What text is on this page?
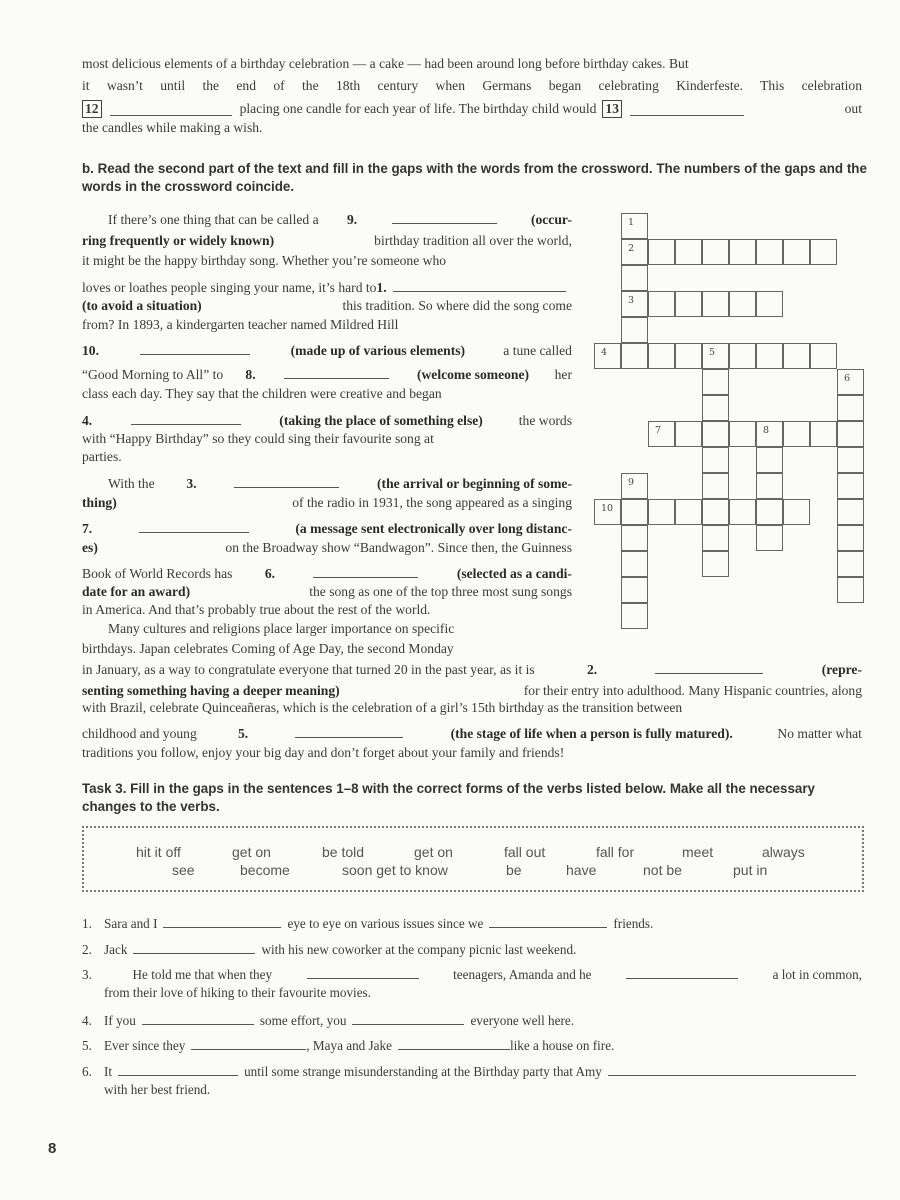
most delicious elements of a birthday celebration — a cake — had been around long before birthday cakes. But
it wasn’t until the end of the 18th century when Germans began celebrating Kinderfeste. This celebration
12	placing one candle for each year of life. The birthday child would 13	out
the candles while making a wish.
b. Read the second part of the text and fill in the gaps with the words from the crossword. The numbers of the gaps and the words in the crossword coincide.
If there’s one thing that can be called a 9.	(occur-
ring frequently or widely known)	birthday tradition all over the world,
it might be the happy birthday song. Whether you’re someone who
loves or loathes people singing your name, it’s hard to 1.
(to avoid a situation)	this tradition. So where did the song come
from? In 1893, a kindergarten teacher named Mildred Hill
10.	(made up of various elements)	a tune called
“Good Morning to All” to 8.	(welcome someone) her
class each day. They say that the children were creative and began
4.	(taking the place of something else) the words
with “Happy Birthday” so they could sing their favourite song at
parties.
With the 3.	(the arrival or beginning of some-
thing)	of the radio in 1931, the song appeared as a singing
7.	(a message sent electronically over long distanc-
es)	on the Broadway show “Bandwagon”. Since then, the Guinness
Book of World Records has 6.	(selected as a candi-
date for an award)	the song as one of the top three most sung songs
in America. And that’s probably true about the rest of the world.
Many cultures and religions place larger importance on specific
birthdays. Japan celebrates Coming of Age Day, the second Monday
in January, as a way to congratulate everyone that turned 20 in the past year, as it is	2.	(repre-
senting something having a deeper meaning)	for their entry into adulthood. Many Hispanic countries, along
with Brazil, celebrate Quinceañeras, which is the celebration of a girl’s 15th birthday as the transition between
childhood and young	5.	(the stage of life when a person is fully matured).	No matter what
traditions you follow, enjoy your big day and don’t forget about your family and friends!
1
2
3
4	5
6
7	8
9
10
Task 3. Fill in the gaps in the sentences 1–8 with the correct forms of the verbs listed below. Make all the necessary changes to the verbs.
hit it off	get on	be told	get on	fall out	fall for	meet	always
see	become	soon get to know	be	have	not be	put in
1. Sara and I	eye to eye on various issues since we	friends.
2. Jack	with his new coworker at the company picnic last weekend.
3.	He told me that when they	teenagers, Amanda and he	a lot in common,
from their love of hiking to their favourite movies.
4. If you	some effort, you	everyone well here.
5. Ever since they	, Maya and Jake	like a house on fire.
6. It	until some strange misunderstanding at the Birthday party that Amy
with her best friend.
8
